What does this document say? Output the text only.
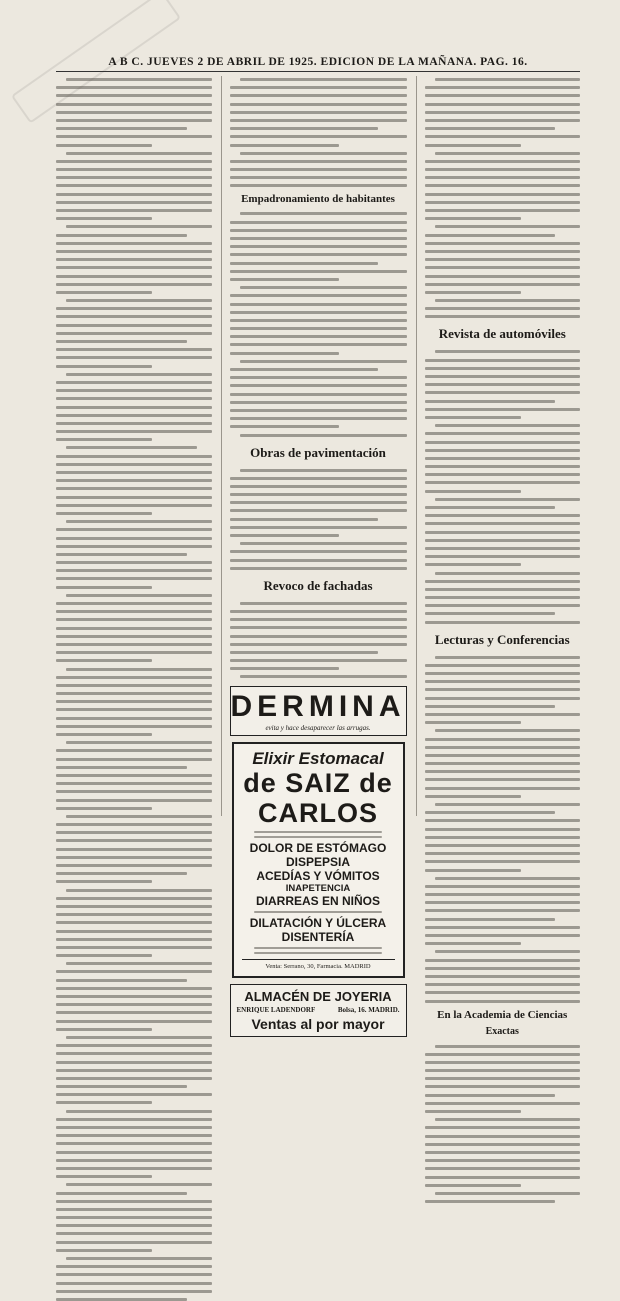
A B C. JUEVES 2 DE ABRIL DE 1925. EDICION DE LA MAÑANA. PAG. 16.
Empadronamiento de habitantes
Obras de pavimentación
Revoco de fachadas
DERMINA
evita y hace desaparecer las arrugas.
Elixir Estomacal
de SAIZ de CARLOS
DOLOR DE ESTÓMAGO
DISPEPSIA
ACEDÍAS Y VÓMITOS
INAPETENCIA
DIARREAS EN NIÑOS
DILATACIÓN Y ÚLCERA
DISENTERÍA
Venta: Serrano, 30, Farmacia. MADRID
ALMACÉN DE JOYERIA
ENRIQUE LADENDORF	Bolsa, 16. MADRID.
Ventas al por mayor
Revista de automóviles
Lecturas y Conferencias
En la Academia de Ciencias
Exactas
